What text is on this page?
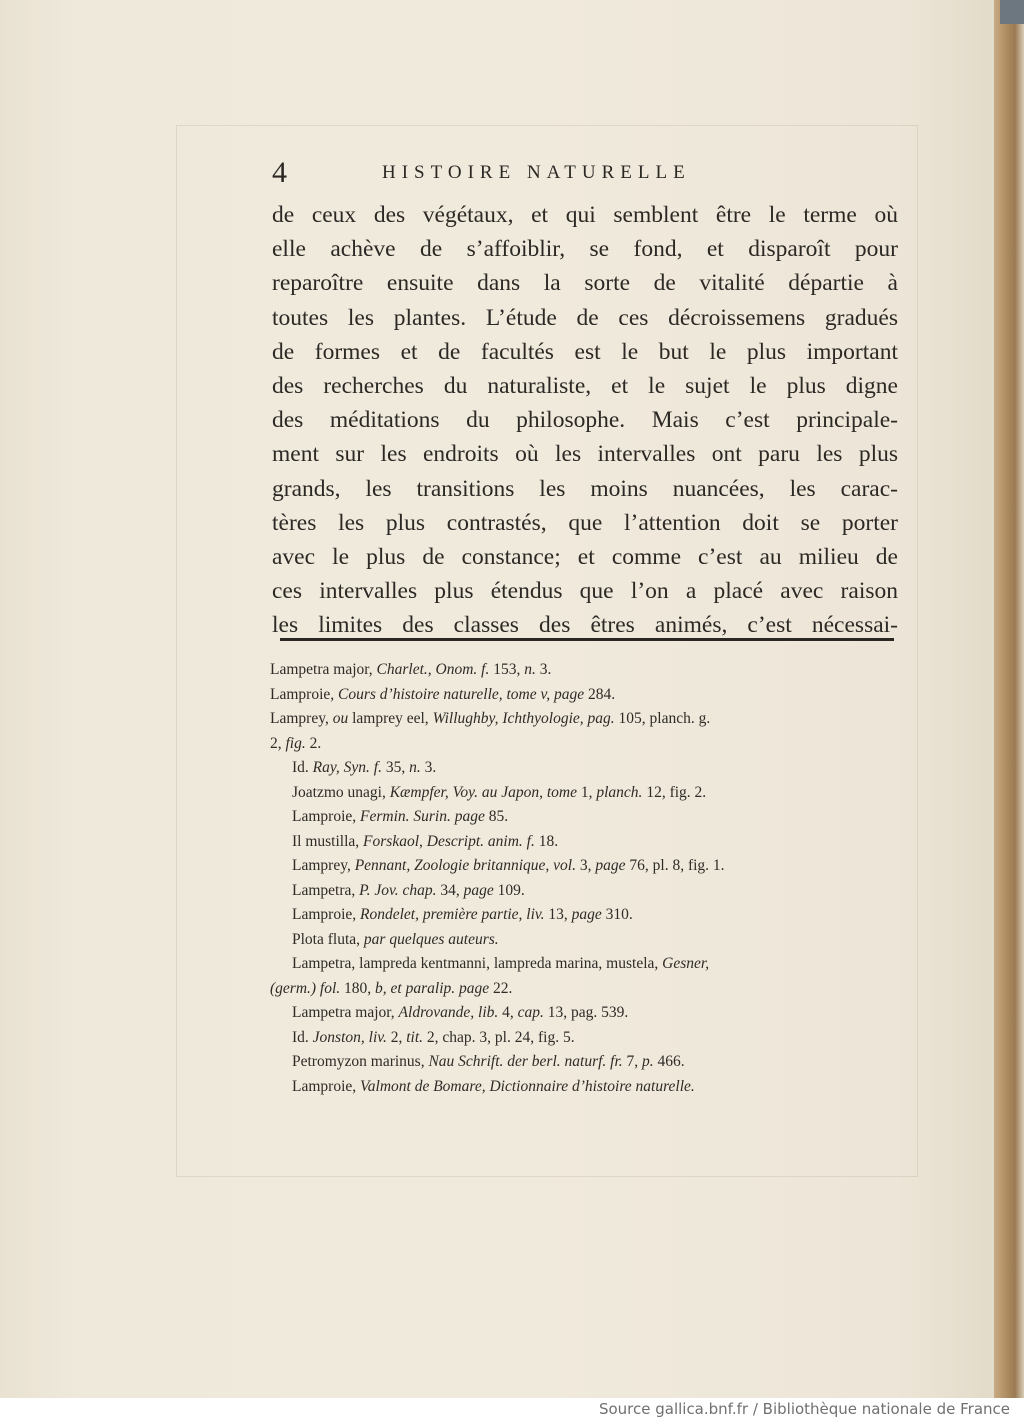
4	HISTOIRE NATURELLE
de ceux des végétaux, et qui semblent être le terme où
elle achève de s’affoiblir, se fond, et disparoît pour
reparoître ensuite dans la sorte de vitalité départie à
toutes les plantes. L’étude de ces décroissemens gradués
de formes et de facultés est le but le plus important
des recherches du naturaliste, et le sujet le plus digne
des méditations du philosophe. Mais c’est principale-
ment sur les endroits où les intervalles ont paru les plus
grands, les transitions les moins nuancées, les carac-
tères les plus contrastés, que l’attention doit se porter
avec le plus de constance; et comme c’est au milieu de
ces intervalles plus étendus que l’on a placé avec raison
les limites des classes des êtres animés, c’est nécessai-
Lampetra major, Charlet., Onom. f. 153, n. 3.
Lamproie, Cours d’histoire naturelle, tome v, page 284.
Lamprey, ou lamprey eel, Willughby, Ichthyologie, pag. 105, planch. g.
2, fig. 2.
Id. Ray, Syn. f. 35, n. 3.
Joatzmo unagi, Kæmpfer, Voy. au Japon, tome 1, planch. 12, fig. 2.
Lamproie, Fermin. Surin. page 85.
Il mustilla, Forskaol, Descript. anim. f. 18.
Lamprey, Pennant, Zoologie britannique, vol. 3, page 76, pl. 8, fig. 1.
Lampetra, P. Jov. chap. 34, page 109.
Lamproie, Rondelet, première partie, liv. 13, page 310.
Plota fluta, par quelques auteurs.
Lampetra, lampreda kentmanni, lampreda marina, mustela, Gesner,
(germ.) fol. 180, b, et paralip. page 22.
Lampetra major, Aldrovande, lib. 4, cap. 13, pag. 539.
Id. Jonston, liv. 2, tit. 2, chap. 3, pl. 24, fig. 5.
Petromyzon marinus, Nau Schrift. der berl. naturf. fr. 7, p. 466.
Lamproie, Valmont de Bomare, Dictionnaire d’histoire naturelle.
Source gallica.bnf.fr / Bibliothèque nationale de France
